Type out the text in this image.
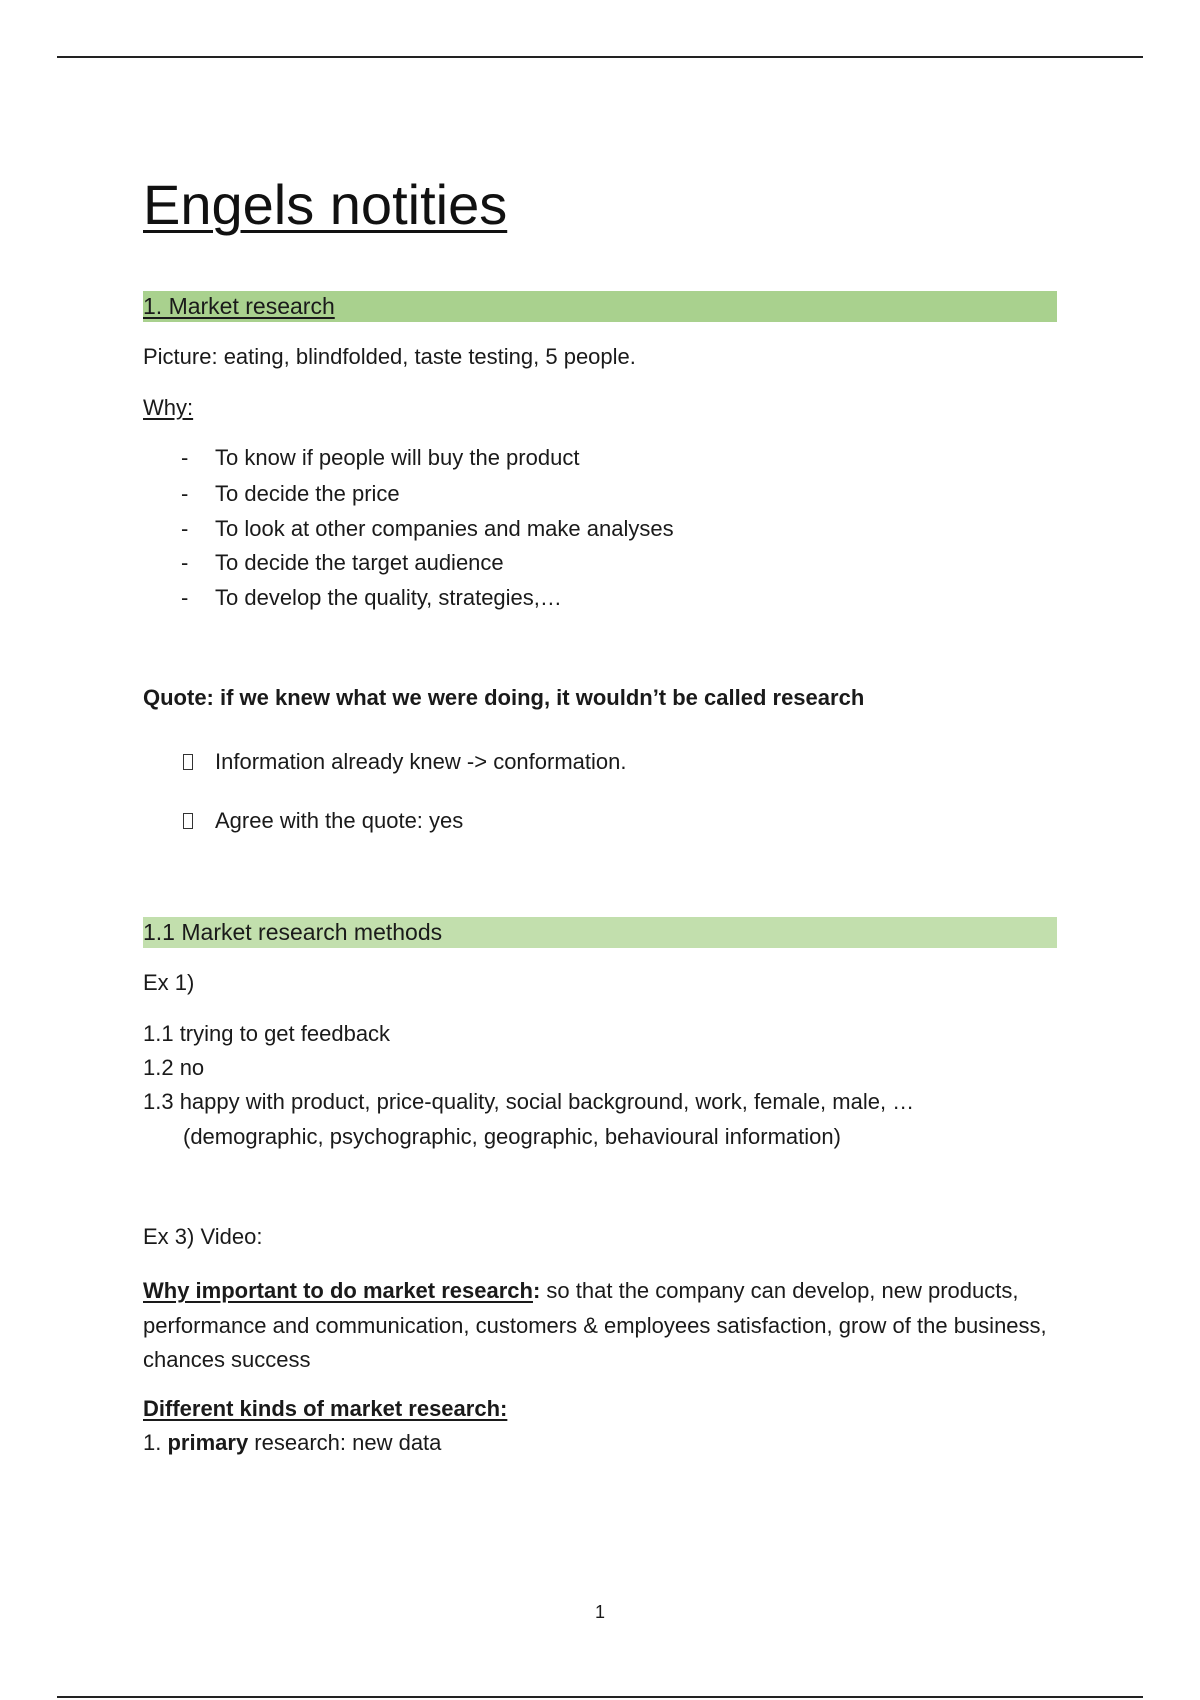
Engels notities
1. Market research
Picture: eating, blindfolded, taste testing, 5 people.
Why:
- To know if people will buy the product
- To decide the price
- To look at other companies and make analyses
- To decide the target audience
- To develop the quality, strategies,…
Quote: if we knew what we were doing, it wouldn’t be called research
Information already knew -> conformation.
Agree with the quote: yes
1.1 Market research methods
Ex 1)
1.1 trying to get feedback
1.2 no
1.3 happy with product, price-quality, social background, work, female, male, …
(demographic, psychographic, geographic, behavioural information)
Ex 3) Video:
Why important to do market research: so that the company can develop, new products, performance and communication, customers & employees satisfaction, grow of the business, chances success
Different kinds of market research:
1. primary research: new data
1
